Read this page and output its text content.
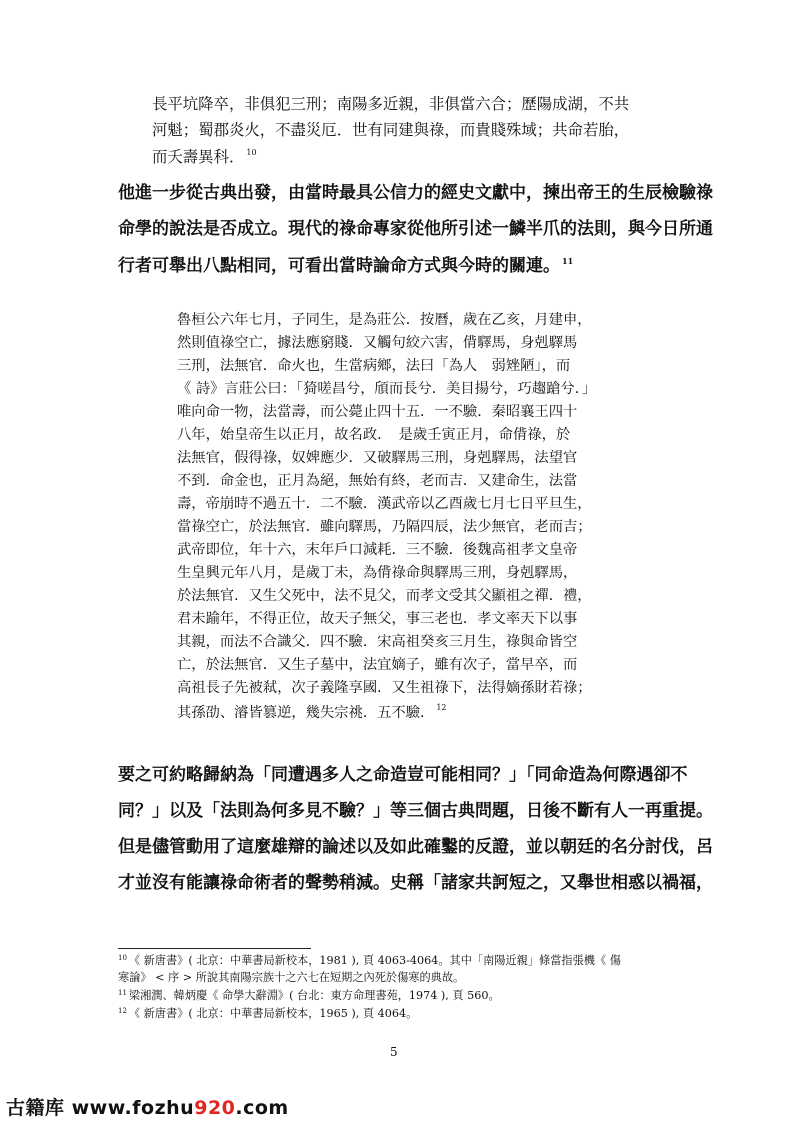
長平坑降卒，非俱犯三刑；南陽多近親，非俱當六合；歷陽成湖，不共
河魁；蜀郡炎火，不盡災厄．世有同建與祿，而貴賤殊域；共命若胎，
而夭壽異科． $^{10}$
他進一步從古典出發，由當時最具公信力的經史文獻中，揀出帝王的生辰檢驗祿
命學的說法是否成立。現代的祿命專家從他所引述一鱗半爪的法則，與今日所通
行者可舉出八點相同，可看出當時論命方式與今時的關連。 $^{11}$
魯桓公六年七月，子同生，是為莊公．按曆，歲在乙亥，月建申，
然則值祿空亡，據法應窮賤．又觸句絞六害，偝驛馬，身剋驛馬
三刑，法無官．命火也，生當病鄉，法曰「為人　弱矬陋」，而
《 詩》言莊公曰：「猗嗟昌兮，頎而長兮．美目揚兮，巧趨蹌兮．」
唯向命一物，法當壽，而公薨止四十五．一不驗．秦昭襄王四十
八年，始皇帝生以正月，故名政．　是歲壬寅正月，命偝祿，於
法無官，假得祿，奴婢應少．又破驛馬三刑，身剋驛馬，法望官
不到．命金也，正月為絕，無始有終，老而吉．又建命生，法當
壽，帝崩時不過五十．二不驗．漢武帝以乙酉歲七月七日平旦生，
當祿空亡，於法無官．雖向驛馬，乃隔四辰，法少無官，老而吉；
武帝即位，年十六，末年戶口減耗．三不驗．後魏高祖孝文皇帝
生皇興元年八月，是歲丁未，為偝祿命與驛馬三刑，身剋驛馬，
於法無官．又生父死中，法不見父，而孝文受其父顯祖之禪．禮，
君未踰年，不得正位，故天子無父，事三老也．孝文率天下以事
其親，而法不合識父．四不驗．宋高祖癸亥三月生，祿與命皆空
亡，於法無官．又生子墓中，法宜嫡子，雖有次子，當早卒，而
高祖長子先被弒，次子義隆享國．又生祖祿下，法得嫡孫財若祿；
其孫劭、濬皆篡逆，幾失宗祧．五不驗． $^{12}$
要之可約略歸納為「同遭遇多人之命造豈可能相同？」「同命造為何際遇卻不
同？」以及「法則為何多見不驗？」等三個古典問題，日後不斷有人一再重提。
但是儘管動用了這麼雄辯的論述以及如此確鑿的反證，並以朝廷的名分討伐，呂
才並沒有能讓祿命術者的聲勢稍減。史稱「諸家共訶短之，又舉世相惑以禍福，
$^{10}$ 《 新唐書》( 北京：中華書局新校本，1981 ), 頁 4063-4064。其中「南陽近親」條當指張機《 傷
寒論》 < 序 > 所說其南陽宗族十之六七在短期之內死於傷寒的典故。
$^{11}$ 梁湘潤、韓炳慶《 命學大辭淵》( 台北：東方命理書苑，1974 ), 頁 560。
$^{12}$ 《 新唐書》( 北京：中華書局新校本，1965 ), 頁 4064。
5
古籍库 www.fozhu920.com
